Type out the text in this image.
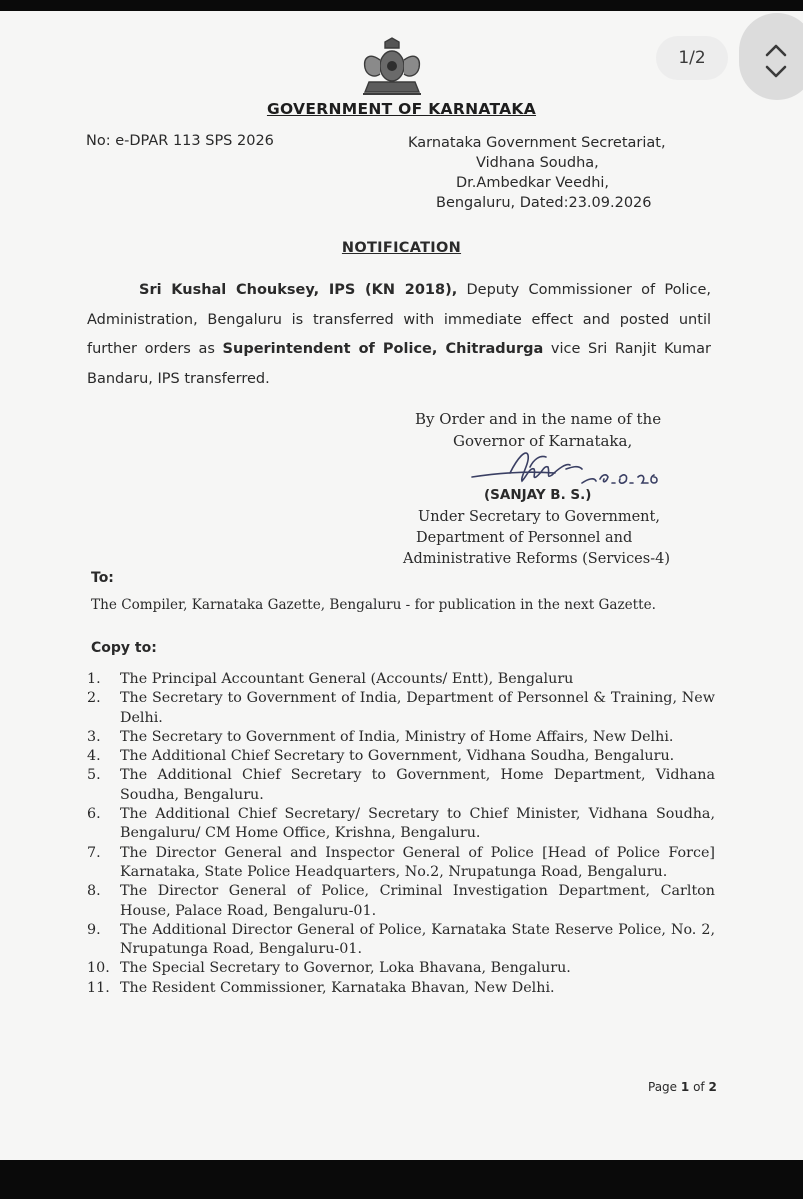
GOVERNMENT OF KARNATAKA
No: e-DPAR 113 SPS 2026	Karnataka Government Secretariat,
Vidhana Soudha,
Dr.Ambedkar Veedhi,
Bengaluru, Dated:23.09.2026
NOTIFICATION
Sri Kushal Chouksey, IPS (KN 2018), Deputy Commissioner of Police, Administration, Bengaluru is transferred with immediate effect and posted until further orders as Superintendent of Police, Chitradurga vice Sri Ranjit Kumar Bandaru, IPS transferred.
By Order and in the name of the
Governor of Karnataka,
(SANJAY B. S.)
Under Secretary to Government,
Department of Personnel and
Administrative Reforms (Services-4)
To:
The Compiler, Karnataka Gazette, Bengaluru - for publication in the next Gazette.
Copy to:
1. The Principal Accountant General (Accounts/ Entt), Bengaluru
2. The Secretary to Government of India, Department of Personnel & Training, New Delhi.
3. The Secretary to Government of India, Ministry of Home Affairs, New Delhi.
4. The Additional Chief Secretary to Government, Vidhana Soudha, Bengaluru.
5. The Additional Chief Secretary to Government, Home Department, Vidhana Soudha, Bengaluru.
6. The Additional Chief Secretary/ Secretary to Chief Minister, Vidhana Soudha, Bengaluru/ CM Home Office, Krishna, Bengaluru.
7. The Director General and Inspector General of Police [Head of Police Force] Karnataka, State Police Headquarters, No.2, Nrupatunga Road, Bengaluru.
8. The Director General of Police, Criminal Investigation Department, Carlton House, Palace Road, Bengaluru-01.
9. The Additional Director General of Police, Karnataka State Reserve Police, No. 2, Nrupatunga Road, Bengaluru-01.
10. The Special Secretary to Governor, Loka Bhavana, Bengaluru.
11. The Resident Commissioner, Karnataka Bhavan, New Delhi.
Page 1 of 2
1/2
